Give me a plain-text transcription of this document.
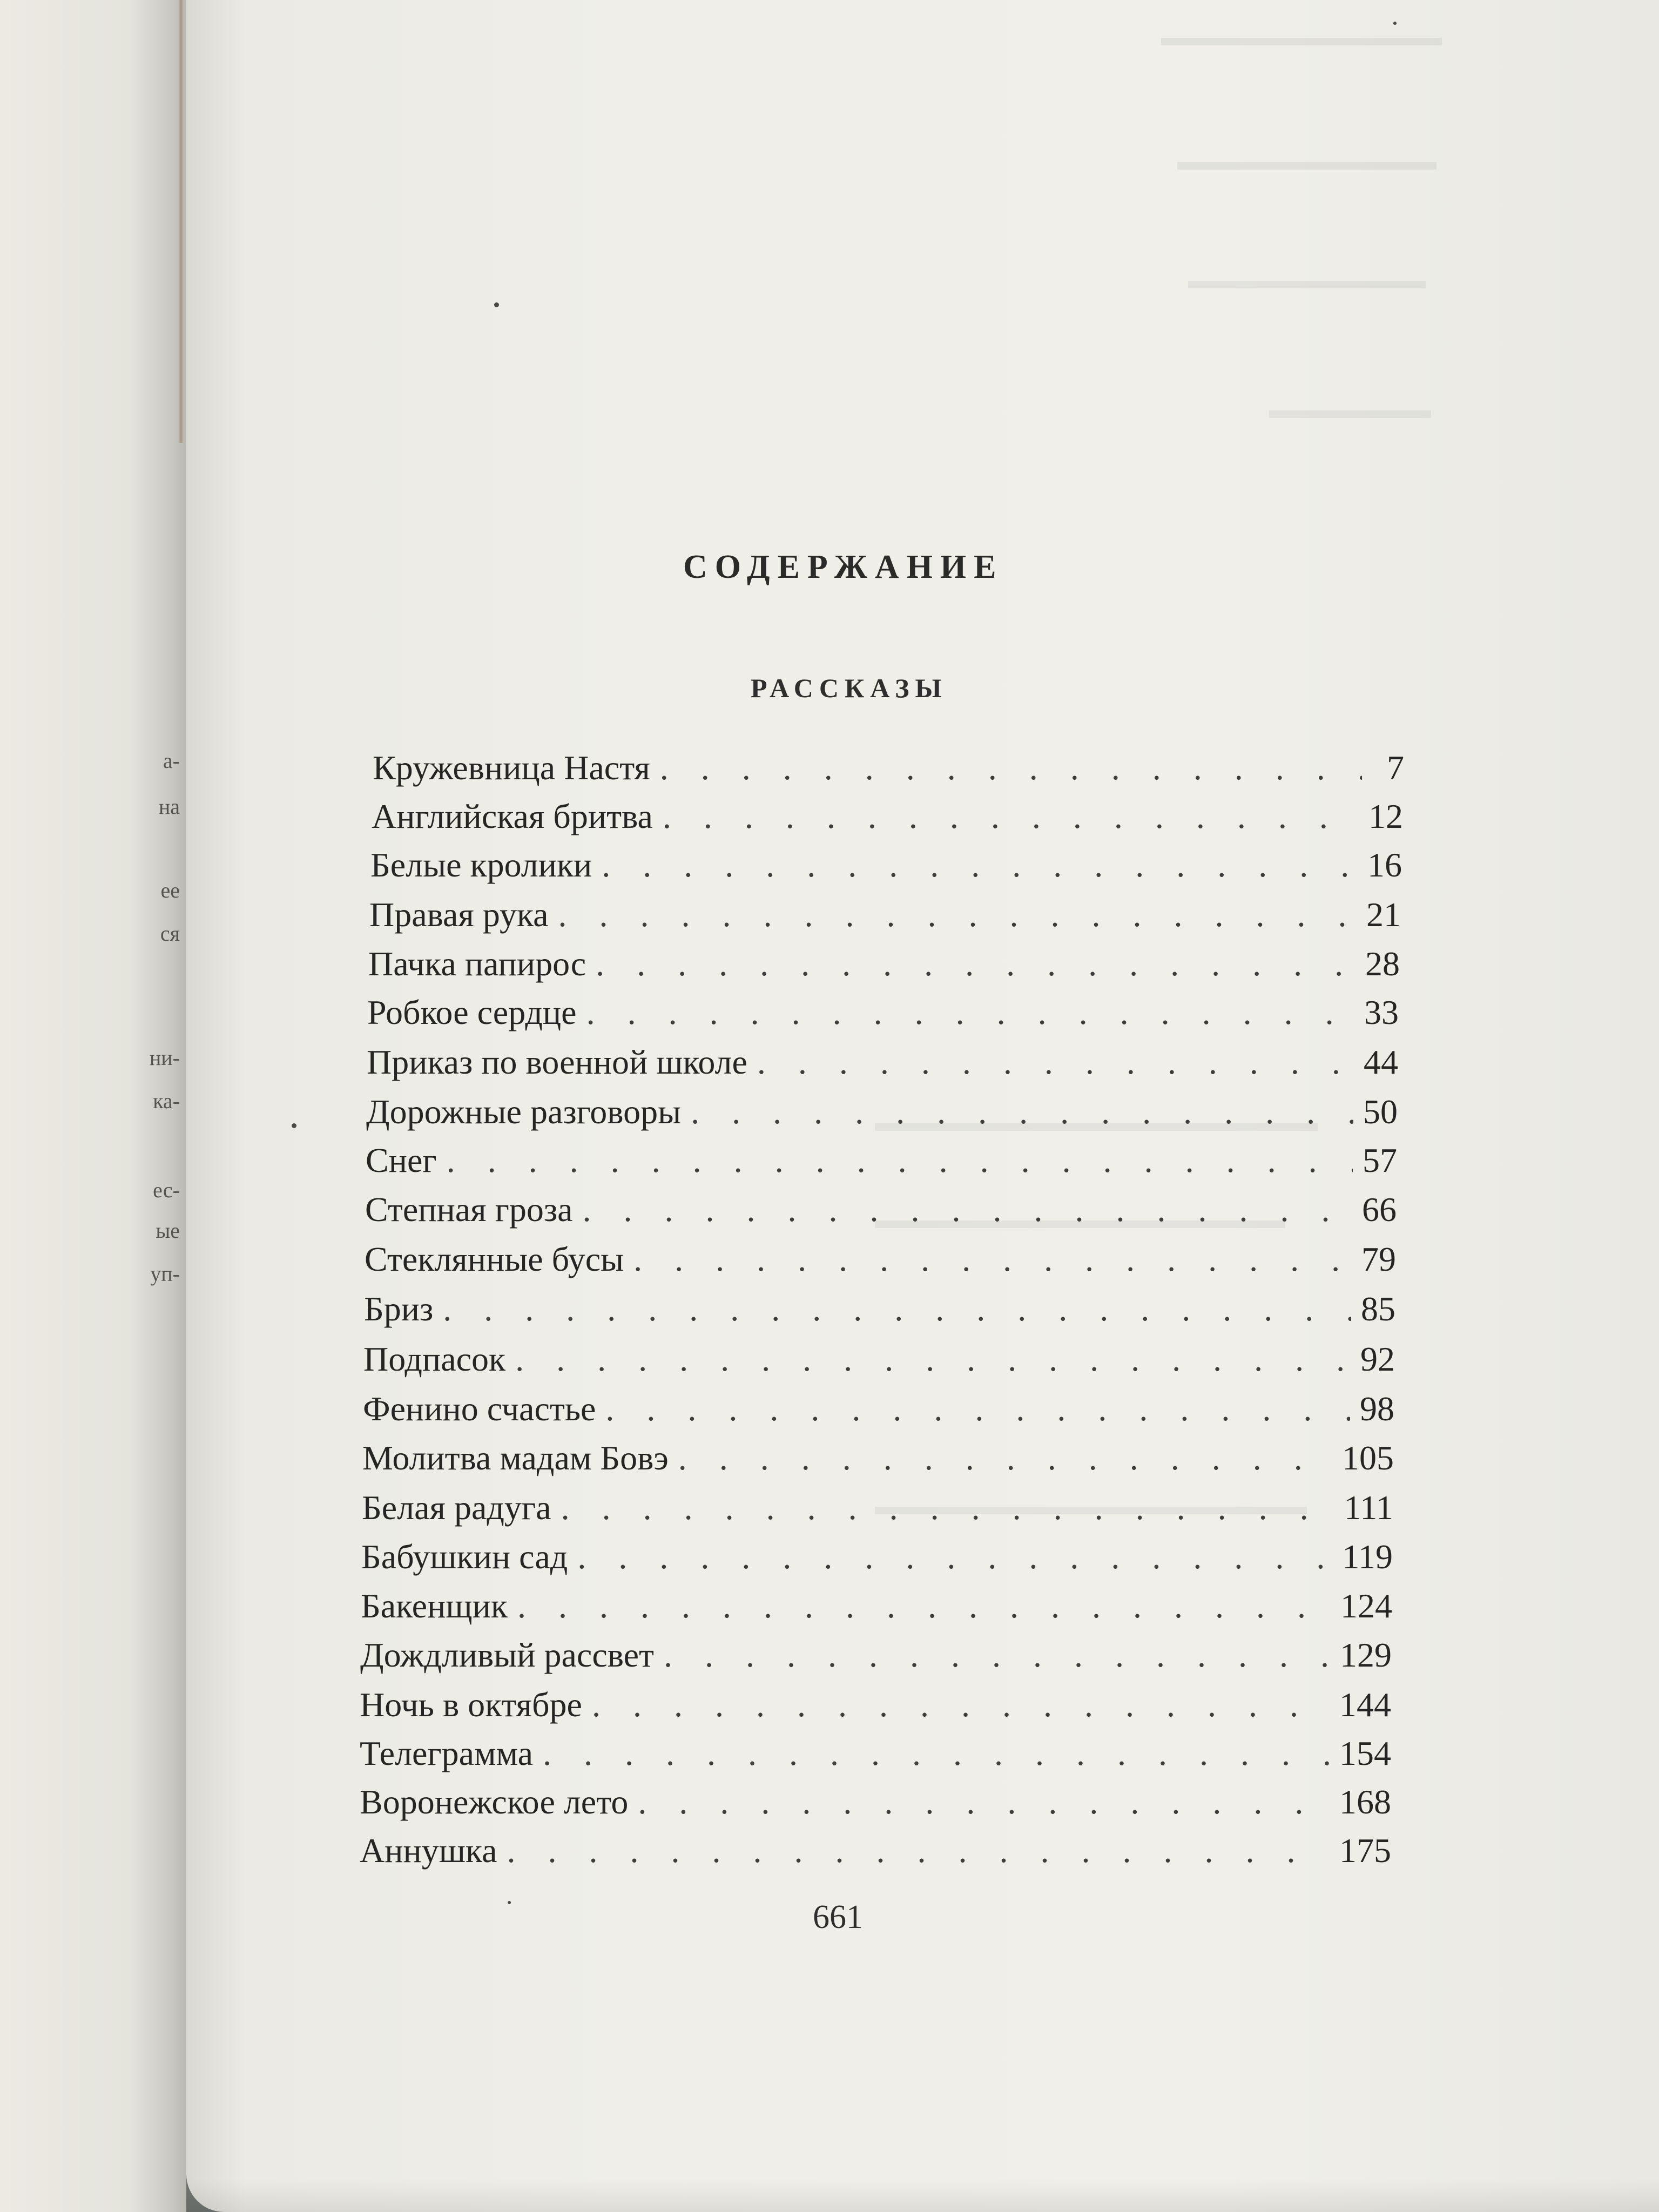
а-
на
ее
ся
ни-
ка-
ес-
ые
уп-
СОДЕРЖАНИЕ
РАССКАЗЫ
Кружевница Настя . . .	7
Английская бритва . . .	12
Белые кролики . . .	16
Правая рука . . .	21
Пачка папирос . . .	28
Робкое сердце . . .	33
Приказ по военной школе . . .	44
Дорожные разговоры . . .	50
Снег . . .	57
Степная гроза . . .	66
Стеклянные бусы . . .	79
Бриз . . .	85
Подпасок . . .	92
Фенино счастье . . .	98
Молитва мадам Бовэ . . .	105
Белая радуга . . .	111
Бабушкин сад . . .	119
Бакенщик . . .	124
Дождливый рассвет . . .	129
Ночь в октябре . . .	144
Телеграмма . . .	154
Воронежское лето . . .	168
Аннушка . . .	175
661
